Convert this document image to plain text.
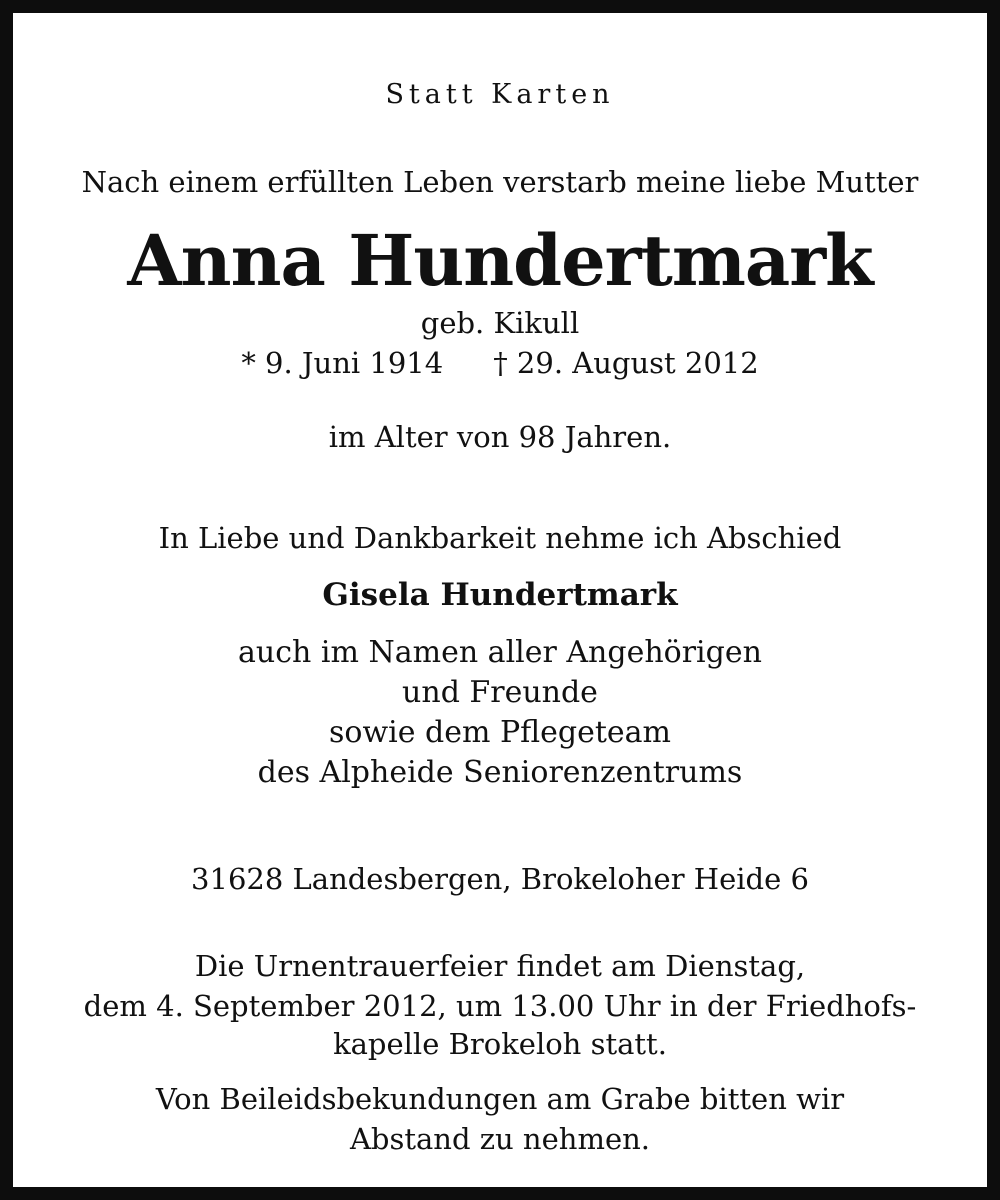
Statt Karten
Nach einem erfüllten Leben verstarb meine liebe Mutter
Anna Hundertmark
geb. Kikull
* 9. Juni 1914 † 29. August 2012
im Alter von 98 Jahren.
In Liebe und Dankbarkeit nehme ich Abschied
Gisela Hundertmark
auch im Namen aller Angehörigen
und Freunde
sowie dem Pflegeteam
des Alpheide Seniorenzentrums
31628 Landesbergen, Brokeloher Heide 6
Die Urnentrauerfeier findet am Dienstag,
dem 4. September 2012, um 13.00 Uhr in der Friedhofs-
kapelle Brokeloh statt.
Von Beileidsbekundungen am Grabe bitten wir
Abstand zu nehmen.
